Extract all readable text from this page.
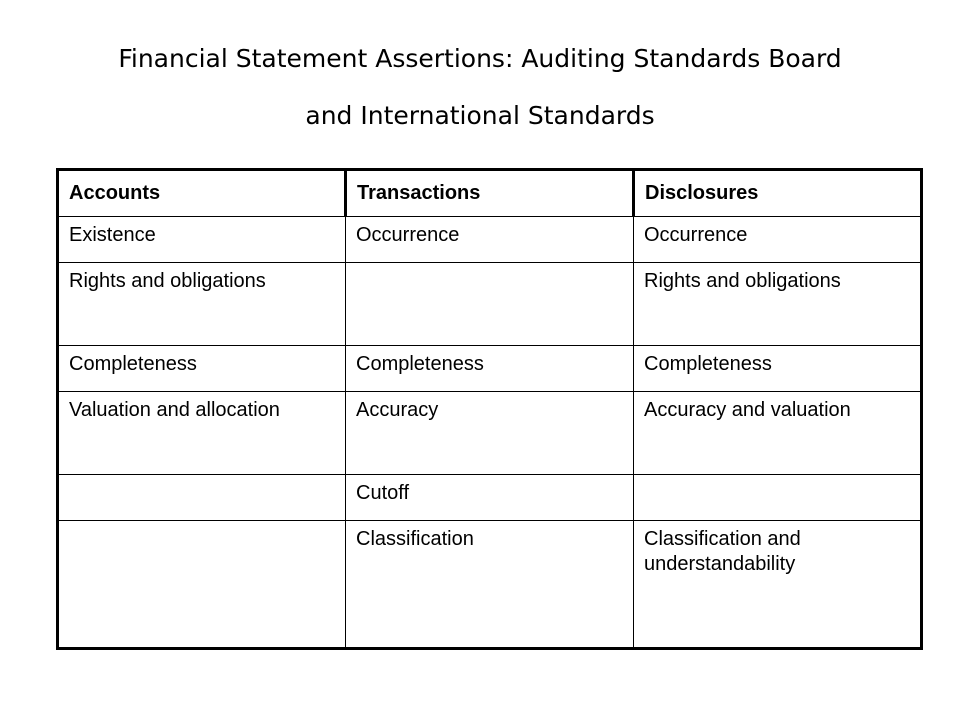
Financial Statement Assertions: Auditing Standards Board
and International Standards
Accounts	Transactions	Disclosures
Existence	Occurrence	Occurrence
Rights and obligations		Rights and obligations
Completeness	Completeness	Completeness
Valuation and allocation	Accuracy	Accuracy and valuation
	Cutoff	
	Classification	Classification and understandability
